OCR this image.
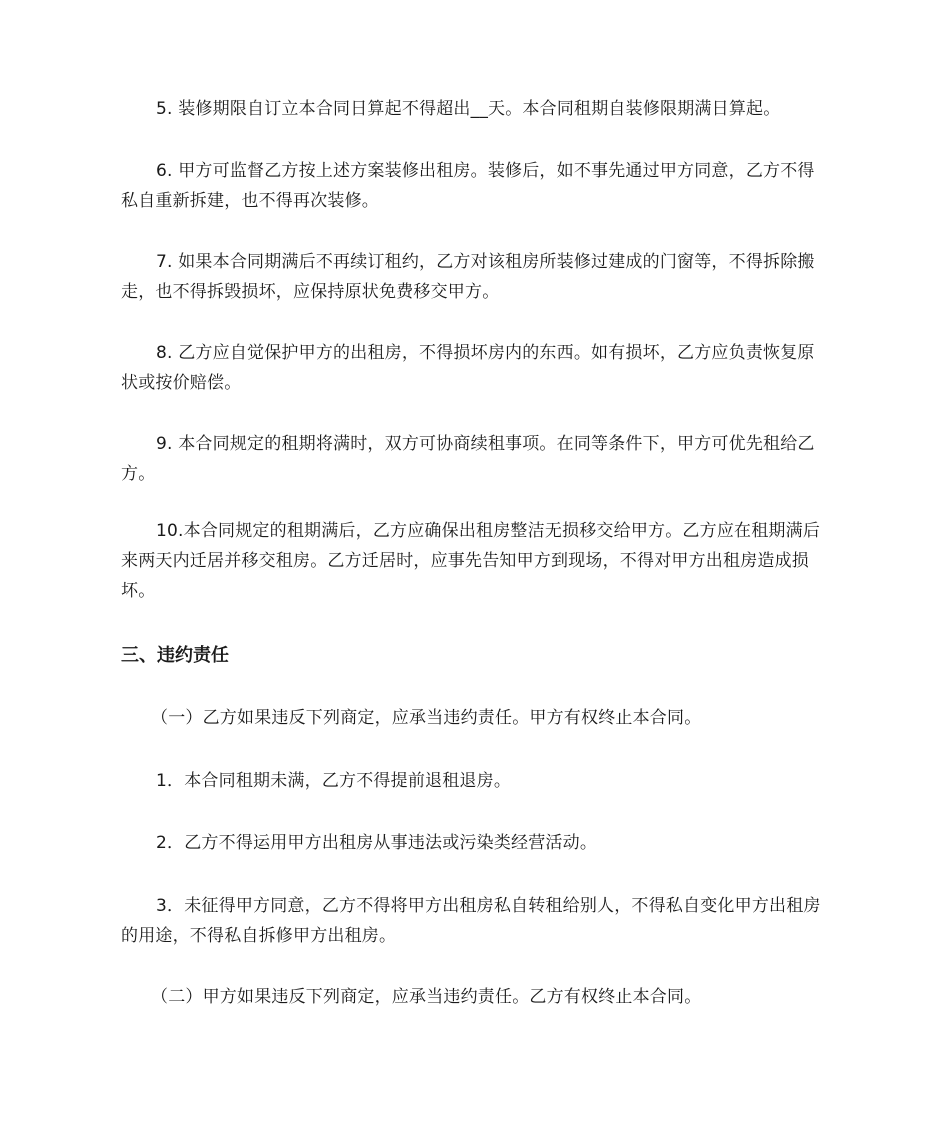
5. 装修期限自订立本合同日算起不得超出__天。本合同租期自装修限期满日算起。

6. 甲方可监督乙方按上述方案装修出租房。装修后，如不事先通过甲方同意，乙方不得私自重新拆建，也不得再次装修。

7. 如果本合同期满后不再续订租约，乙方对该租房所装修过建成的门窗等，不得拆除搬走，也不得拆毁损坏，应保持原状免费移交甲方。

8. 乙方应自觉保护甲方的出租房，不得损坏房内的东西。如有损坏，乙方应负责恢复原状或按价赔偿。

9. 本合同规定的租期将满时，双方可协商续租事项。在同等条件下，甲方可优先租给乙方。

10.本合同规定的租期满后，乙方应确保出租房整洁无损移交给甲方。乙方应在租期满后来两天内迁居并移交租房。乙方迁居时，应事先告知甲方到现场，不得对甲方出租房造成损坏。

三、违约责任

（一）乙方如果违反下列商定，应承当违约责任。甲方有权终止本合同。

1．本合同租期未满，乙方不得提前退租退房。

2．乙方不得运用甲方出租房从事违法或污染类经营活动。

3．未征得甲方同意，乙方不得将甲方出租房私自转租给别人，不得私自变化甲方出租房的用途，不得私自拆修甲方出租房。

（二）甲方如果违反下列商定，应承当违约责任。乙方有权终止本合同。
